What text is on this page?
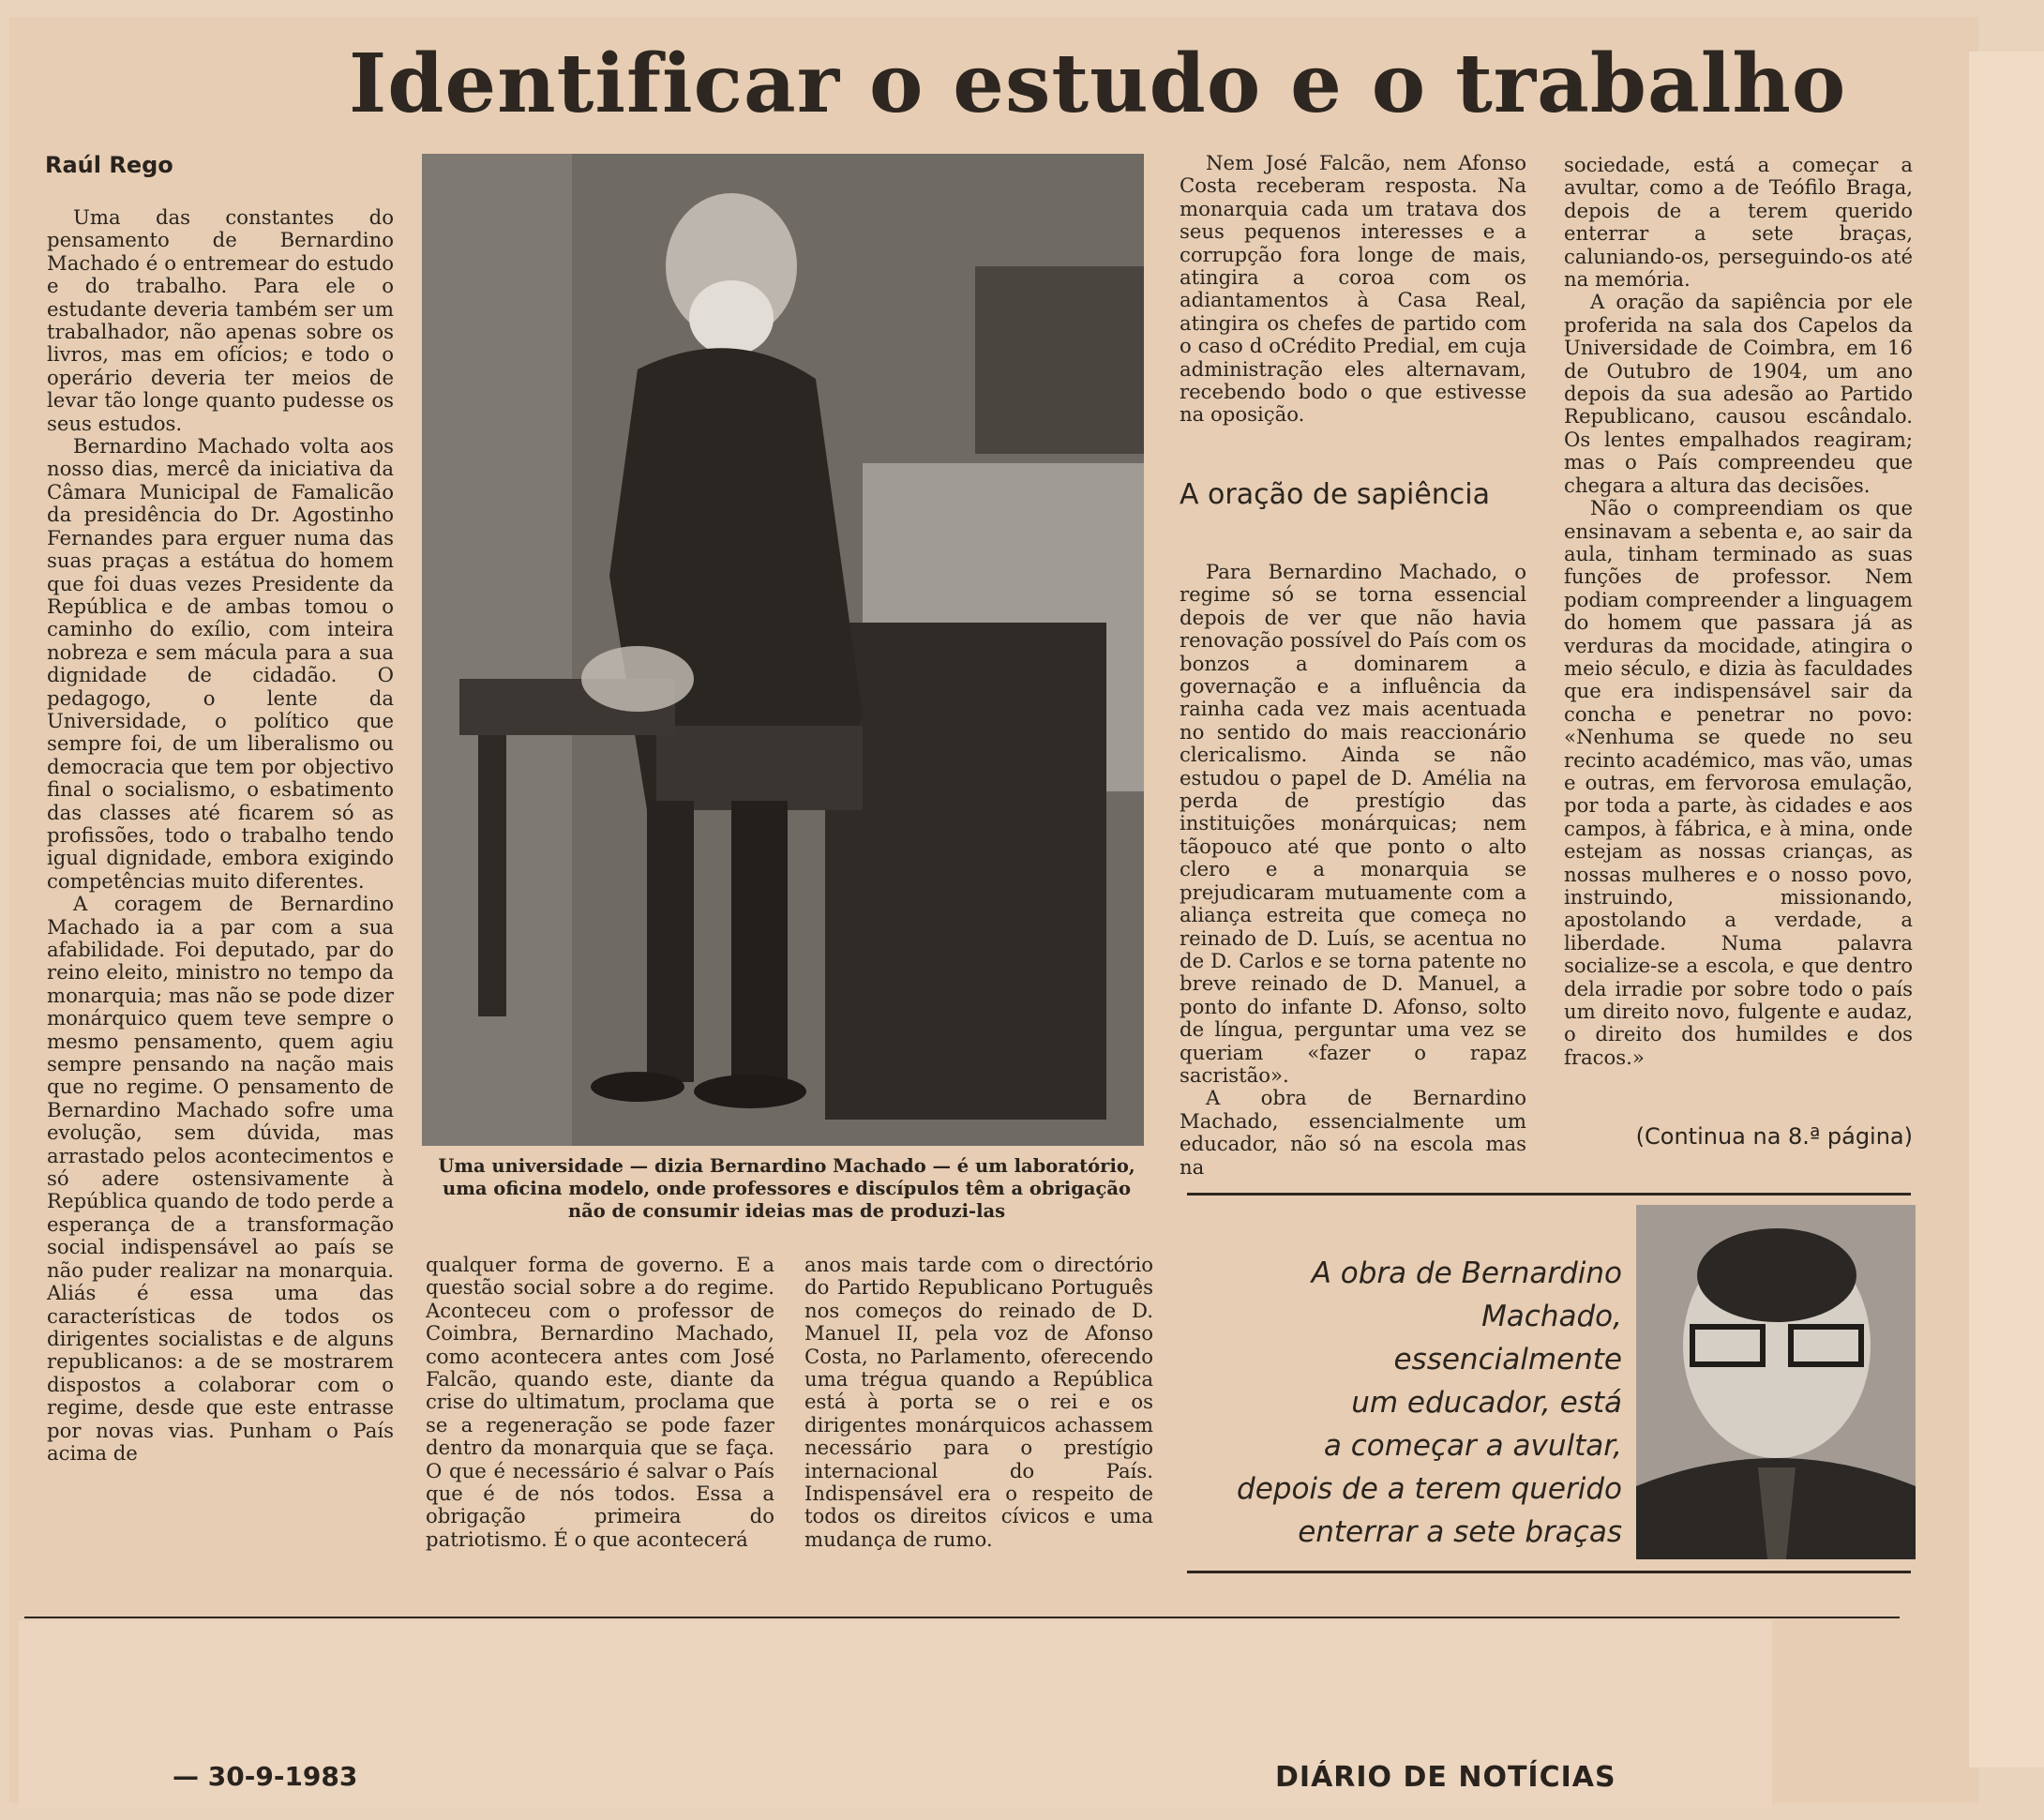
Identificar o estudo e o trabalho
Raúl Rego

Uma das constantes do pensamento de Bernardino Machado é o entremear do estudo e do trabalho. Para ele o estudante deveria também ser um trabalhador, não apenas sobre os livros, mas em ofícios; e todo o operário deveria ter meios de levar tão longe quanto pudesse os seus estudos.

Bernardino Machado volta aos nosso dias, mercê da iniciativa da Câmara Municipal de Famalicão da presidência do Dr. Agostinho Fernandes para erguer numa das suas praças a estátua do homem que foi duas vezes Presidente da República e de ambas tomou o caminho do exílio, com inteira nobreza e sem mácula para a sua dignidade de cidadão. O pedagogo, o lente da Universidade, o político que sempre foi, de um liberalismo ou democracia que tem por objectivo final o socialismo, o esbatimento das classes até ficarem só as profissões, todo o trabalho tendo igual dignidade, embora exigindo competências muito diferentes.

A coragem de Bernardino Machado ia a par com a sua afabilidade. Foi deputado, par do reino eleito, ministro no tempo da monarquia; mas não se pode dizer monárquico quem teve sempre o mesmo pensamento, quem agiu sempre pensando na nação mais que no regime. O pensamento de Bernardino Machado sofre uma evolução, sem dúvida, mas arrastado pelos acontecimentos e só adere ostensivamente à República quando de todo perde a esperança de a transformação social indispensável ao país se não puder realizar na monarquia. Aliás é essa uma das características de todos os dirigentes socialistas e de alguns republicanos: a de se mostrarem dispostos a colaborar com o regime, desde que este entrasse por novas vias. Punham o País acima de

Uma universidade — dizia Bernardino Machado — é um laboratório, uma oficina modelo, onde professores e discípulos têm a obrigação não de consumir ideias mas de produzi-las

qualquer forma de governo. E a questão social sobre a do regime. Aconteceu com o professor de Coimbra, Bernardino Machado, como acontecera antes com José Falcão, quando este, diante da crise do ultimatum, proclama que se a regeneração se pode fazer dentro da monarquia que se faça. O que é necessário é salvar o País que é de nós todos. Essa a obrigação primeira do patriotismo. É o que acontecerá

anos mais tarde com o directório do Partido Republicano Português nos começos do reinado de D. Manuel II, pela voz de Afonso Costa, no Parlamento, oferecendo uma trégua quando a República está à porta se o rei e os dirigentes monárquicos achassem necessário para o prestígio internacional do País. Indispensável era o respeito de todos os direitos cívicos e uma mudança de rumo.

Nem José Falcão, nem Afonso Costa receberam resposta. Na monarquia cada um tratava dos seus pequenos interesses e a corrupção fora longe de mais, atingira a coroa com os adiantamentos à Casa Real, atingira os chefes de partido com o caso d oCrédito Predial, em cuja administração eles alternavam, recebendo bodo o que estivesse na oposição.

A oração de sapiência

Para Bernardino Machado, o regime só se torna essencial depois de ver que não havia renovação possível do País com os bonzos a dominarem a governação e a influência da rainha cada vez mais acentuada no sentido do mais reaccionário clericalismo. Ainda se não estudou o papel de D. Amélia na perda de prestígio das instituições monárquicas; nem tãopouco até que ponto o alto clero e a monarquia se prejudicaram mutuamente com a aliança estreita que começa no reinado de D. Luís, se acentua no de D. Carlos e se torna patente no breve reinado de D. Manuel, a ponto do infante D. Afonso, solto de língua, perguntar uma vez se queriam «fazer o rapaz sacristão».

A obra de Bernardino Machado, essencialmente um educador, não só na escola mas na

sociedade, está a começar a avultar, como a de Teófilo Braga, depois de a terem querido enterrar a sete braças, caluniando-os, perseguindo-os até na memória.

A oração da sapiência por ele proferida na sala dos Capelos da Universidade de Coimbra, em 16 de Outubro de 1904, um ano depois da sua adesão ao Partido Republicano, causou escândalo. Os lentes empalhados reagiram; mas o País compreendeu que chegara a altura das decisões.

Não o compreendiam os que ensinavam a sebenta e, ao sair da aula, tinham terminado as suas funções de professor. Nem podiam compreender a linguagem do homem que passara já as verduras da mocidade, atingira o meio século, e dizia às faculdades que era indispensável sair da concha e penetrar no povo: «Nenhuma se quede no seu recinto académico, mas vão, umas e outras, em fervorosa emulação, por toda a parte, às cidades e aos campos, à fábrica, e à mina, onde estejam as nossas crianças, as nossas mulheres e o nosso povo, instruindo, missionando, apostolando a verdade, a liberdade. Numa palavra socialize-se a escola, e que dentro dela irradie por sobre todo o país um direito novo, fulgente e audaz, o direito dos humildes e dos fracos.»

(Continua na 8.ª página)
A obra de Bernardino
Machado,
essencialmente
um educador, está
a começar a avultar,
depois de a terem querido
enterrar a sete braças
— 30-9-1983	DIÁRIO DE NOTÍCIAS
